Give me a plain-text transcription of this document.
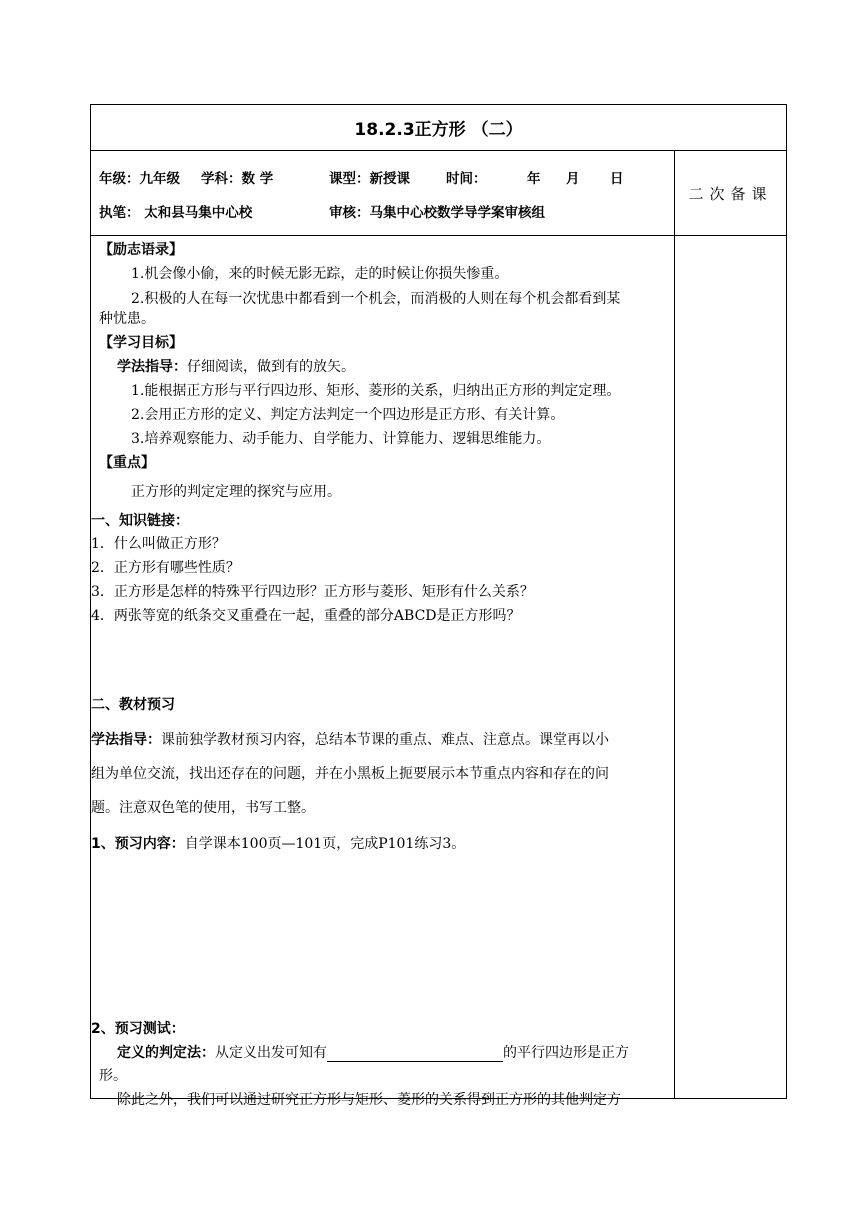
18.2.3正方形 （二）
年级：九年级 学科：数 学	课型：新授课	时间：	年 月 日
执笔： 太和县马集中心校	审核：马集中心校数学导学案审核组
二次备课
【励志语录】
1.机会像小偷，来的时候无影无踪，走的时候让你损失惨重。
2.积极的人在每一次忧患中都看到一个机会，而消极的人则在每个机会都看到某
种忧患。
【学习目标】
学法指导：仔细阅读，做到有的放矢。
1.能根据正方形与平行四边形、矩形、菱形的关系，归纳出正方形的判定定理。
2.会用正方形的定义、判定方法判定一个四边形是正方形、有关计算。
3.培养观察能力、动手能力、自学能力、计算能力、逻辑思维能力。
【重点】
正方形的判定定理的探究与应用。
一、知识链接：
1．什么叫做正方形？
2．正方形有哪些性质？
3．正方形是怎样的特殊平行四边形？正方形与菱形、矩形有什么关系？
4．两张等宽的纸条交叉重叠在一起，重叠的部分ABCD是正方形吗？
二、教材预习
学法指导：课前独学教材预习内容，总结本节课的重点、难点、注意点。课堂再以小
组为单位交流，找出还存在的问题，并在小黑板上扼要展示本节重点内容和存在的问
题。注意双色笔的使用，书写工整。
1、预习内容：自学课本100页—101页，完成P101练习3。
2、预习测试：
定义的判定法：从定义出发可知有	的平行四边形是正方
形。
除此之外，我们可以通过研究正方形与矩形、菱形的关系得到正方形的其他判定方
